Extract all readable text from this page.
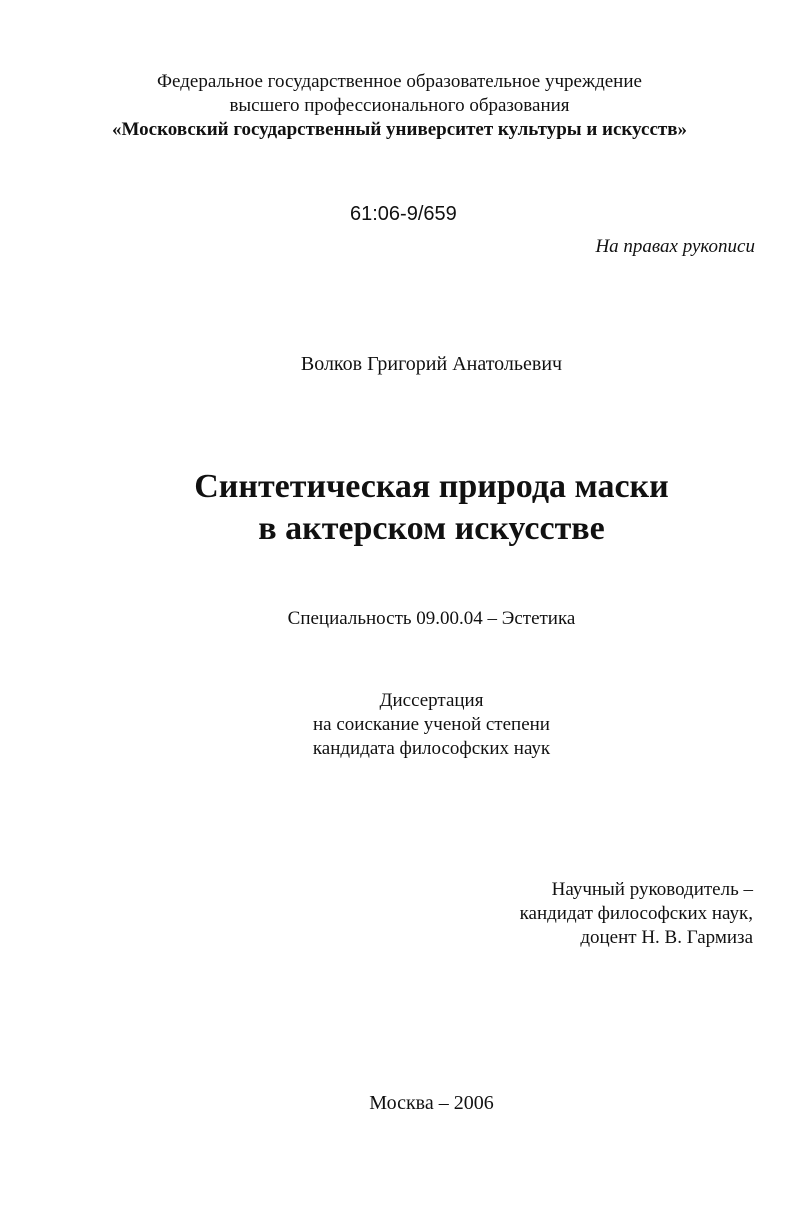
Федеральное государственное образовательное учреждение
высшего профессионального образования
«Московский государственный университет культуры и искусств»
61:06-9/659
На правах рукописи
Волков Григорий Анатольевич
Синтетическая природа маски
в актерском искусстве
Специальность 09.00.04 – Эстетика
Диссертация
на соискание ученой степени
кандидата философских наук
Научный руководитель –
кандидат философских наук,
доцент Н. В. Гармиза
Москва – 2006
